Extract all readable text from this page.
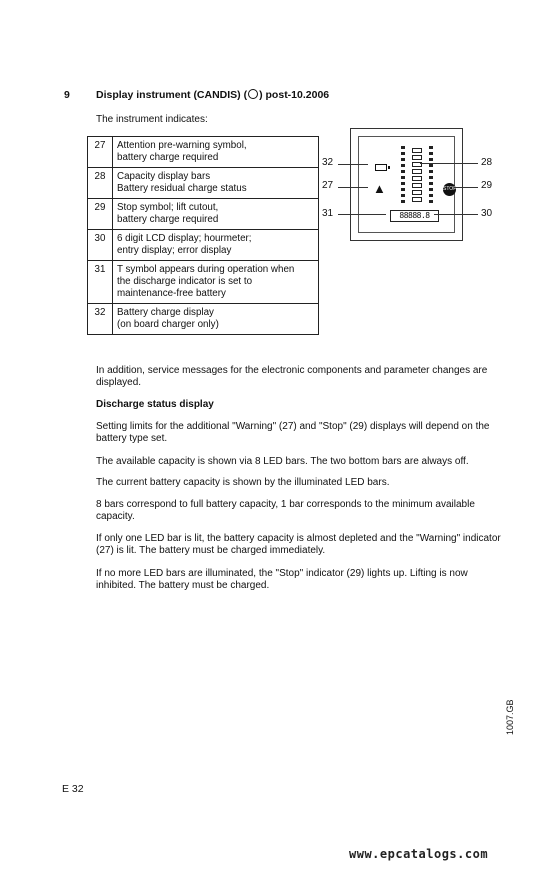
9 Display instrument (CANDIS) ( ) post-10.2006
The instrument indicates:
27	Attention pre-warning symbol,
battery charge required

28	Capacity display bars
Battery residual charge status

29	Stop symbol; lift cutout,
battery charge required

30	6 digit LCD display; hourmeter;
entry display; error display

31	T symbol appears during operation when
the discharge indicator is set to
maintenance-free battery

32	Battery charge display
(on board charger only)
▲	STOP
88888.8
32
27
31
28
29
30
In addition, service messages for the electronic components and parameter changes are displayed.
Discharge status display
Setting limits for the additional "Warning" (27) and "Stop" (29) displays will depend on the battery type set.
The available capacity is shown via 8 LED bars. The two bottom bars are always off.
The current battery capacity is shown by the illuminated LED bars.
8 bars correspond to full battery capacity, 1 bar corresponds to the minimum available capacity.
If only one LED bar is lit, the battery capacity is almost depleted and the "Warning" indicator (27) is lit. The battery must be charged immediately.
If no more LED bars are illuminated, the "Stop" indicator (29) lights up. Lifting is now inhibited. The battery must be charged.
1007.GB
E 32
www.epcatalogs.com
